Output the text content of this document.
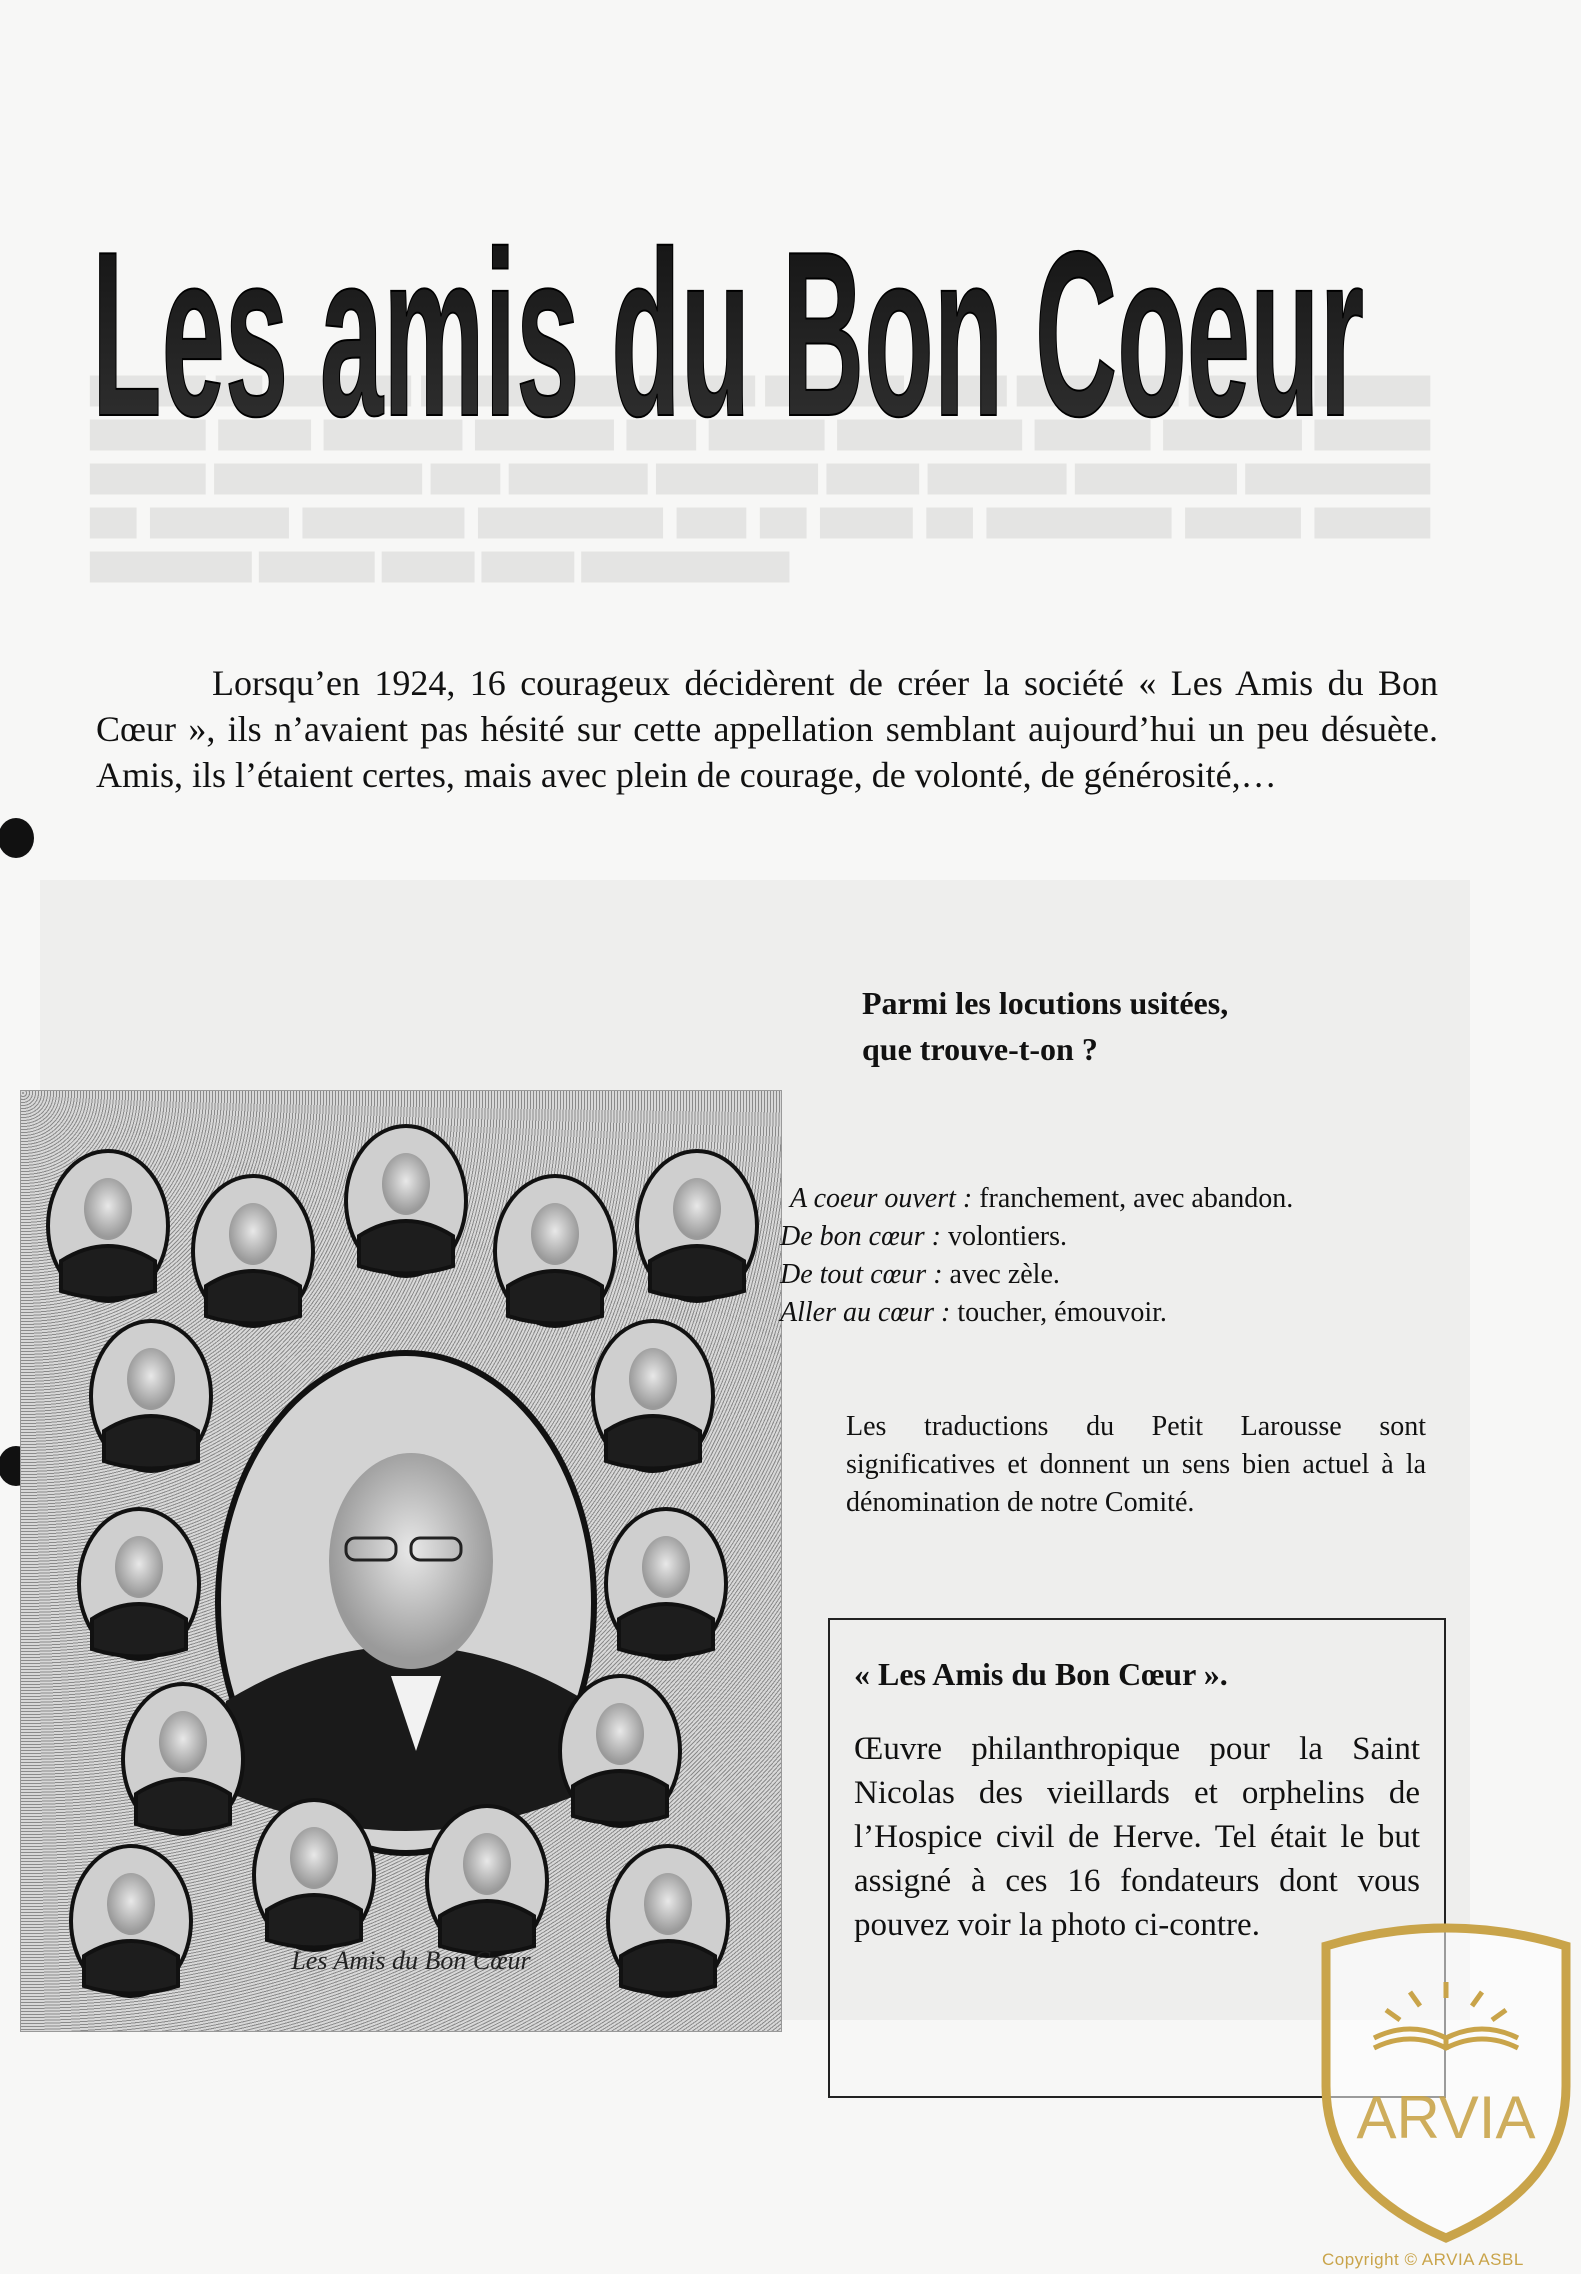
▇▇▇▇▇ ▇▇ ▇▇▇▇▇▇ ▇▇▇▇▇▇▇▇▇ ▇▇▇▇▇ ▇▇▇▇▇▇ ▇▇▇▇ ▇▇▇▇▇▇▇ ▇▇▇▇▇ ▇▇▇▇▇ ▇▇▇▇▇ ▇▇▇▇ ▇▇▇▇▇▇ ▇▇▇▇▇▇ ▇▇▇ ▇▇▇▇▇ ▇▇▇▇▇▇▇▇ ▇▇▇▇▇ ▇▇▇▇▇▇ ▇▇▇▇▇ ▇▇▇▇▇ ▇▇▇▇▇▇▇▇▇ ▇▇▇ ▇▇▇▇▇▇ ▇▇▇▇▇▇▇ ▇▇▇▇ ▇▇▇▇▇▇ ▇▇▇▇▇▇▇ ▇▇▇▇▇▇▇▇ ▇▇ ▇▇▇▇▇▇ ▇▇▇▇▇▇▇ ▇▇▇▇▇▇▇▇ ▇▇▇ ▇▇ ▇▇▇▇ ▇▇ ▇▇▇▇▇▇▇▇ ▇▇▇▇▇ ▇▇▇▇▇ ▇▇▇▇▇▇▇ ▇▇▇▇▇ ▇▇▇▇ ▇▇▇▇ ▇▇▇▇▇▇▇▇▇
Les amis du Bon Coeur
Lorsqu’en 1924, 16 courageux décidèrent de créer la société « Les Amis du Bon Cœur », ils n’avaient pas hésité sur cette appellation semblant aujourd’hui un peu désuète. Amis, ils l’étaient certes, mais avec plein de courage, de volonté, de générosité,…
Parmi les locutions usitées,
que trouve-t-on ?
Les Amis du Bon Cœur
A coeur ouvert : franchement, avec abandon.
De bon cœur : volontiers.
De tout cœur : avec zèle.
Aller au cœur : toucher, émouvoir.
Les traductions du Petit Larousse sont significatives et donnent un sens bien actuel à la dénomination de notre Comité.
« Les Amis du Bon Cœur ».
Œuvre philanthropique pour la Saint Nicolas des vieillards et orphelins de l’Hospice civil de Herve. Tel était le but assigné à ces 16 fondateurs dont vous pouvez voir la photo ci-contre.
ARVIA
Copyright © ARVIA ASBL
